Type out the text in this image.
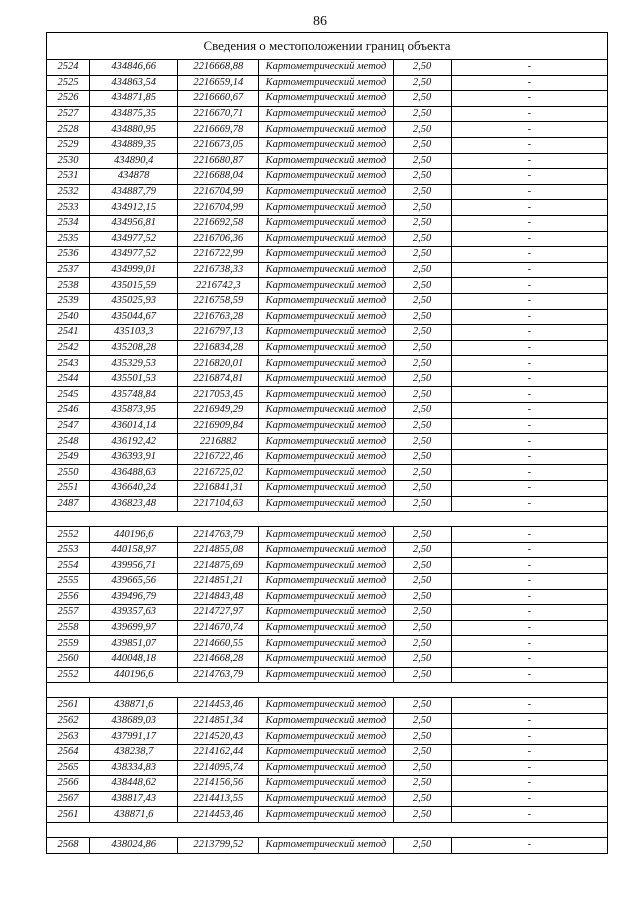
86
Сведения о местоположении границ объекта					
2524	434846,66	2216668,88	Картометрический метод	2,50	-
2525	434863,54	2216659,14	Картометрический метод	2,50	-
2526	434871,85	2216660,67	Картометрический метод	2,50	-
2527	434875,35	2216670,71	Картометрический метод	2,50	-
2528	434880,95	2216669,78	Картометрический метод	2,50	-
2529	434889,35	2216673,05	Картометрический метод	2,50	-
2530	434890,4	2216680,87	Картометрический метод	2,50	-
2531	434878	2216688,04	Картометрический метод	2,50	-
2532	434887,79	2216704,99	Картометрический метод	2,50	-
2533	434912,15	2216704,99	Картометрический метод	2,50	-
2534	434956,81	2216692,58	Картометрический метод	2,50	-
2535	434977,52	2216706,36	Картометрический метод	2,50	-
2536	434977,52	2216722,99	Картометрический метод	2,50	-
2537	434999,01	2216738,33	Картометрический метод	2,50	-
2538	435015,59	2216742,3	Картометрический метод	2,50	-
2539	435025,93	2216758,59	Картометрический метод	2,50	-
2540	435044,67	2216763,28	Картометрический метод	2,50	-
2541	435103,3	2216797,13	Картометрический метод	2,50	-
2542	435208,28	2216834,28	Картометрический метод	2,50	-
2543	435329,53	2216820,01	Картометрический метод	2,50	-
2544	435501,53	2216874,81	Картометрический метод	2,50	-
2545	435748,84	2217053,45	Картометрический метод	2,50	-
2546	435873,95	2216949,29	Картометрический метод	2,50	-
2547	436014,14	2216909,84	Картометрический метод	2,50	-
2548	436192,42	2216882	Картометрический метод	2,50	-
2549	436393,91	2216722,46	Картометрический метод	2,50	-
2550	436488,63	2216725,02	Картометрический метод	2,50	-
2551	436640,24	2216841,31	Картометрический метод	2,50	-
2487	436823,48	2217104,63	Картометрический метод	2,50	-

2552	440196,6	2214763,79	Картометрический метод	2,50	-
2553	440158,97	2214855,08	Картометрический метод	2,50	-
2554	439956,71	2214875,69	Картометрический метод	2,50	-
2555	439665,56	2214851,21	Картометрический метод	2,50	-
2556	439496,79	2214843,48	Картометрический метод	2,50	-
2557	439357,63	2214727,97	Картометрический метод	2,50	-
2558	439699,97	2214670,74	Картометрический метод	2,50	-
2559	439851,07	2214660,55	Картометрический метод	2,50	-
2560	440048,18	2214668,28	Картометрический метод	2,50	-
2552	440196,6	2214763,79	Картометрический метод	2,50	-

2561	438871,6	2214453,46	Картометрический метод	2,50	-
2562	438689,03	2214851,34	Картометрический метод	2,50	-
2563	437991,17	2214520,43	Картометрический метод	2,50	-
2564	438238,7	2214162,44	Картометрический метод	2,50	-
2565	438334,83	2214095,74	Картометрический метод	2,50	-
2566	438448,62	2214156,56	Картометрический метод	2,50	-
2567	438817,43	2214413,55	Картометрический метод	2,50	-
2561	438871,6	2214453,46	Картометрический метод	2,50	-

2568	438024,86	2213799,52	Картометрический метод	2,50	-
